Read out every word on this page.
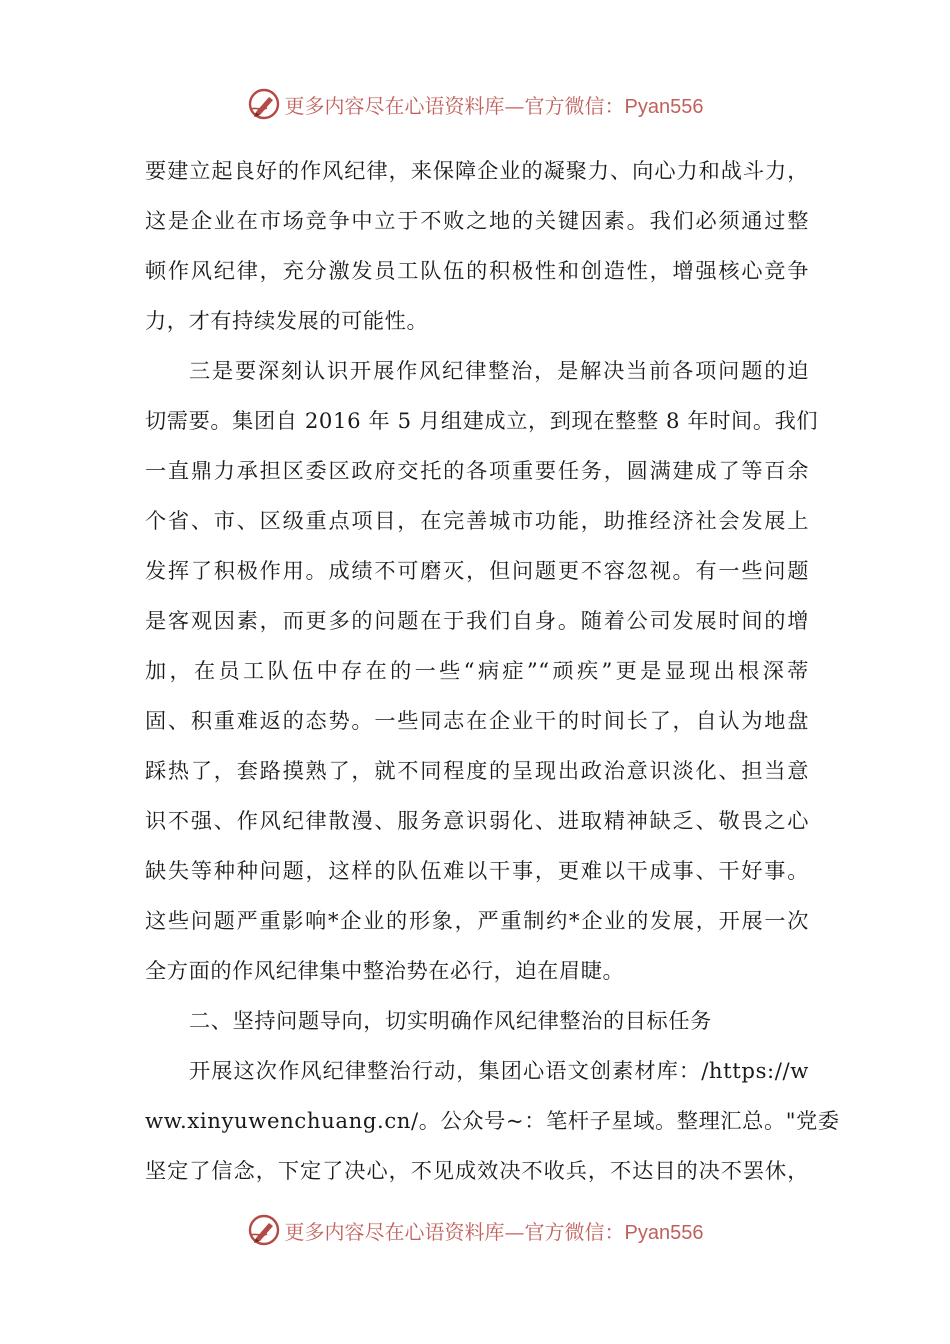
更多内容尽在心语资料库—官方微信：Pyan556
要建立起良好的作风纪律，来保障企业的凝聚力、向心力和战斗力，
这是企业在市场竞争中立于不败之地的关键因素。我们必须通过整
顿作风纪律，充分激发员工队伍的积极性和创造性，增强核心竞争
力，才有持续发展的可能性。
三是要深刻认识开展作风纪律整治，是解决当前各项问题的迫
切需要。集团自 2016 年 5 月组建成立，到现在整整 8 年时间。我们
一直鼎力承担区委区政府交托的各项重要任务，圆满建成了等百余
个省、市、区级重点项目，在完善城市功能，助推经济社会发展上
发挥了积极作用。成绩不可磨灭，但问题更不容忽视。有一些问题
是客观因素，而更多的问题在于我们自身。随着公司发展时间的增
加，在员工队伍中存在的一些“病症”“顽疾”更是显现出根深蒂
固、积重难返的态势。一些同志在企业干的时间长了，自认为地盘
踩热了，套路摸熟了，就不同程度的呈现出政治意识淡化、担当意
识不强、作风纪律散漫、服务意识弱化、进取精神缺乏、敬畏之心
缺失等种种问题，这样的队伍难以干事，更难以干成事、干好事。
这些问题严重影响*企业的形象，严重制约*企业的发展，开展一次
全方面的作风纪律集中整治势在必行，迫在眉睫。
二、坚持问题导向，切实明确作风纪律整治的目标任务
开展这次作风纪律整治行动，集团心语文创素材库：/https://w
ww.xinyuwenchuang.cn/。公众号~：笔杆子星域。整理汇总。"党委
坚定了信念，下定了决心，不见成效决不收兵，不达目的决不罢休，
更多内容尽在心语资料库—官方微信：Pyan556
